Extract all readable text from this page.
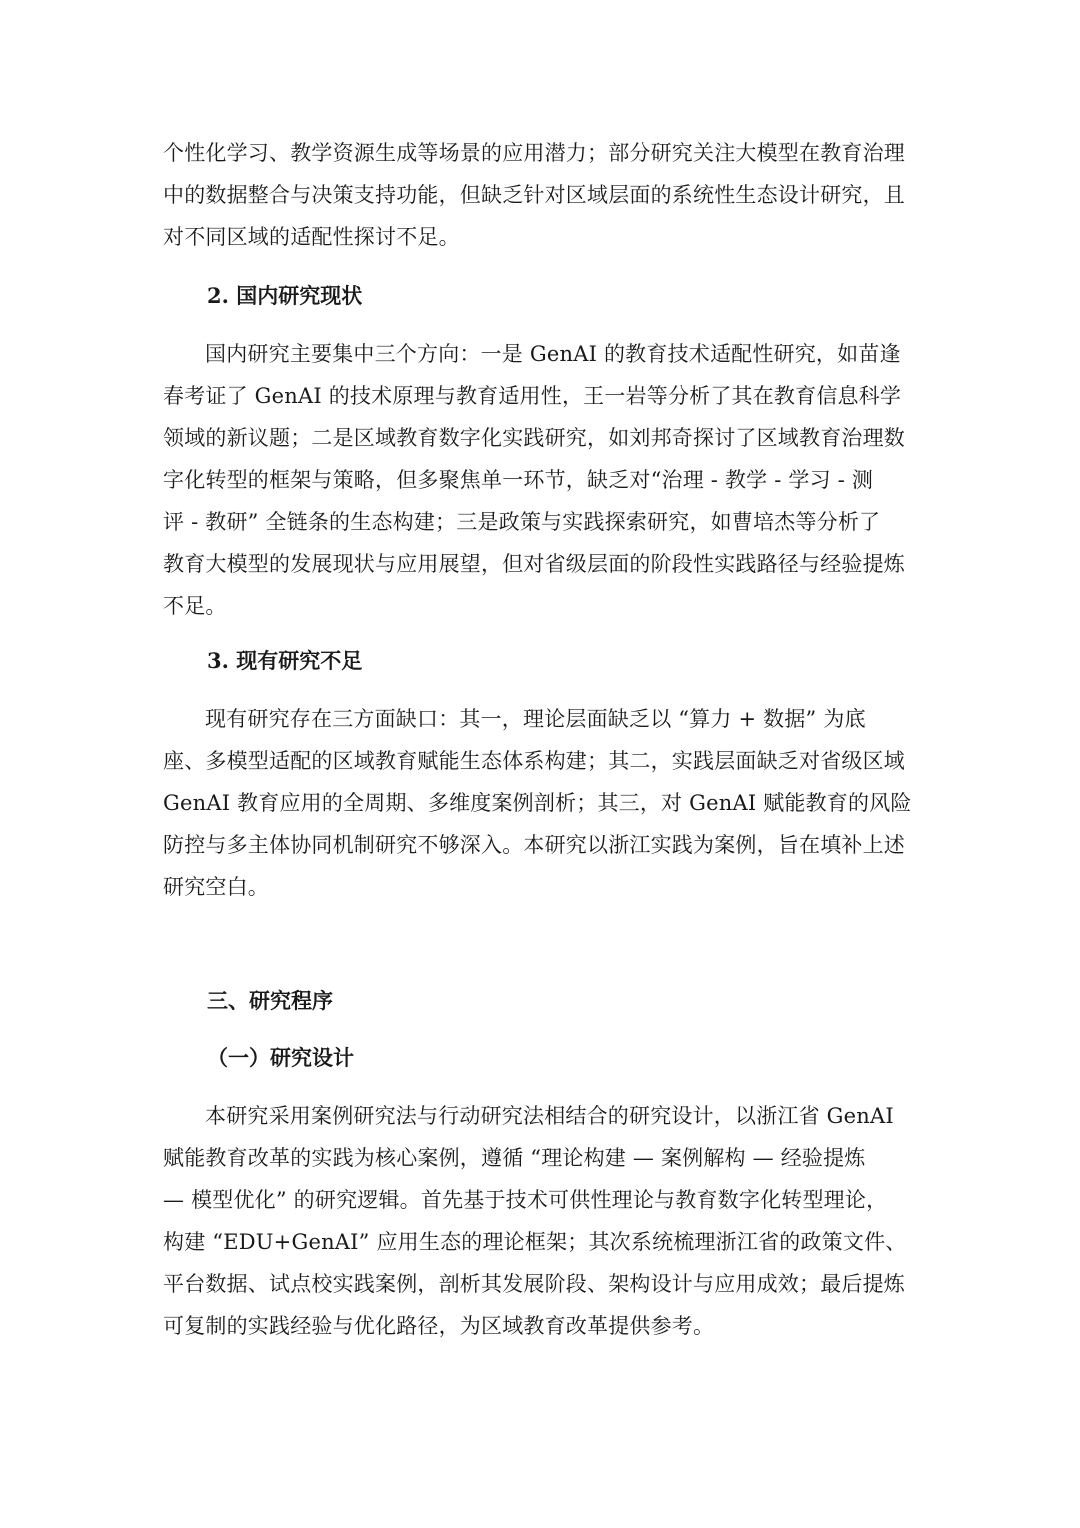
个性化学习、教学资源生成等场景的应用潜力；部分研究关注大模型在教育治理
中的数据整合与决策支持功能，但缺乏针对区域层面的系统性生态设计研究，且
对不同区域的适配性探讨不足。

2. 国内研究现状

国内研究主要集中三个方向：一是 GenAI 的教育技术适配性研究，如苗逢
春考证了 GenAI 的技术原理与教育适用性，王一岩等分析了其在教育信息科学
领域的新议题；二是区域教育数字化实践研究，如刘邦奇探讨了区域教育治理数
字化转型的框架与策略，但多聚焦单一环节，缺乏对“治理 - 教学 - 学习 - 测
评 - 教研” 全链条的生态构建；三是政策与实践探索研究，如曹培杰等分析了
教育大模型的发展现状与应用展望，但对省级层面的阶段性实践路径与经验提炼
不足。

3. 现有研究不足

现有研究存在三方面缺口：其一，理论层面缺乏以 “算力 + 数据” 为底
座、多模型适配的区域教育赋能生态体系构建；其二，实践层面缺乏对省级区域
GenAI 教育应用的全周期、多维度案例剖析；其三，对 GenAI 赋能教育的风险
防控与多主体协同机制研究不够深入。本研究以浙江实践为案例，旨在填补上述
研究空白。

三、研究程序
（一）研究设计

本研究采用案例研究法与行动研究法相结合的研究设计，以浙江省 GenAI
赋能教育改革的实践为核心案例，遵循 “理论构建 — 案例解构 — 经验提炼
— 模型优化” 的研究逻辑。首先基于技术可供性理论与教育数字化转型理论，
构建 “EDU+GenAI” 应用生态的理论框架；其次系统梳理浙江省的政策文件、
平台数据、试点校实践案例，剖析其发展阶段、架构设计与应用成效；最后提炼
可复制的实践经验与优化路径，为区域教育改革提供参考。
